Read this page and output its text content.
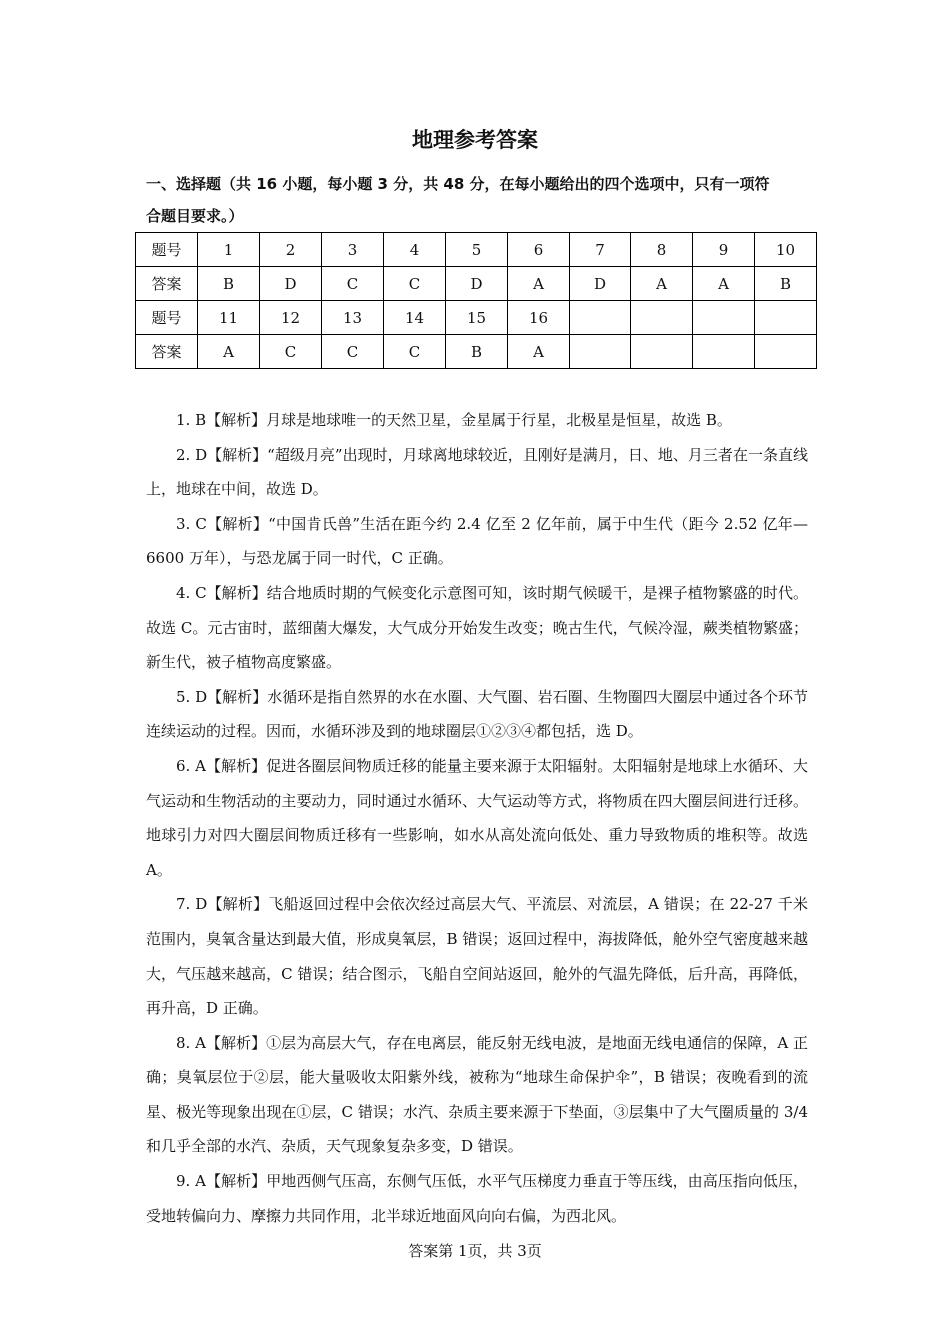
地理参考答案
一、选择题（共 16 小题，每小题 3 分，共 48 分，在每小题给出的四个选项中，只有一项符
合题目要求。）
题号	1	2	3	4	5	6	7	8	9	10
答案	B	D	C	C	D	A	D	A	A	B
题号	11	12	13	14	15	16				
答案	A	C	C	C	B	A				

1. B【解析】月球是地球唯一的天然卫星，金星属于行星，北极星是恒星，故选 B。

2. D【解析】“超级月亮”出现时，月球离地球较近，且刚好是满月，日、地、月三者在一条直线上，地球在中间，故选 D。

3. C【解析】“中国肯氏兽”生活在距今约 2.4 亿至 2 亿年前，属于中生代（距今 2.52 亿年—6600 万年），与恐龙属于同一时代，C 正确。

4. C【解析】结合地质时期的气候变化示意图可知，该时期气候暖干，是裸子植物繁盛的时代。故选 C。元古宙时，蓝细菌大爆发，大气成分开始发生改变；晚古生代，气候冷湿，蕨类植物繁盛；新生代，被子植物高度繁盛。

5. D【解析】水循环是指自然界的水在水圈、大气圈、岩石圈、生物圈四大圈层中通过各个环节连续运动的过程。因而，水循环涉及到的地球圈层①②③④都包括，选 D。

6. A【解析】促进各圈层间物质迁移的能量主要来源于太阳辐射。太阳辐射是地球上水循环、大气运动和生物活动的主要动力，同时通过水循环、大气运动等方式，将物质在四大圈层间进行迁移。地球引力对四大圈层间物质迁移有一些影响，如水从高处流向低处、重力导致物质的堆积等。故选 A。

7. D【解析】飞船返回过程中会依次经过高层大气、平流层、对流层，A 错误；在 22-27 千米范围内，臭氧含量达到最大值，形成臭氧层，B 错误；返回过程中，海拔降低，舱外空气密度越来越大，气压越来越高，C 错误；结合图示，飞船自空间站返回，舱外的气温先降低，后升高，再降低，再升高，D 正确。

8. A【解析】①层为高层大气，存在电离层，能反射无线电波，是地面无线电通信的保障，A 正确；臭氧层位于②层，能大量吸收太阳紫外线，被称为“地球生命保护伞”，B 错误；夜晚看到的流星、极光等现象出现在①层，C 错误；水汽、杂质主要来源于下垫面，③层集中了大气圈质量的 3/4 和几乎全部的水汽、杂质，天气现象复杂多变，D 错误。

9. A【解析】甲地西侧气压高，东侧气压低，水平气压梯度力垂直于等压线，由高压指向低压，受地转偏向力、摩擦力共同作用，北半球近地面风向向右偏，为西北风。

答案第 1页，共 3页
